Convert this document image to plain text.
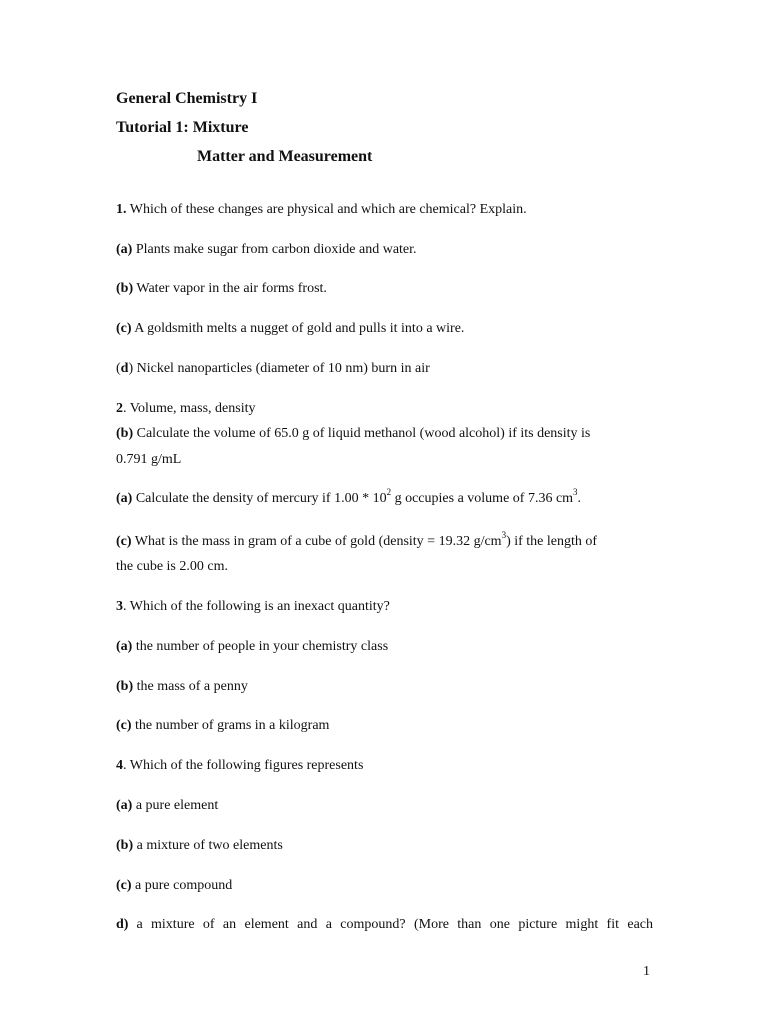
General Chemistry I
Tutorial 1: Mixture
Matter and Measurement
1. Which of these changes are physical and which are chemical? Explain.
(a) Plants make sugar from carbon dioxide and water.
(b) Water vapor in the air forms frost.
(c) A goldsmith melts a nugget of gold and pulls it into a wire.
(d) Nickel nanoparticles (diameter of 10 nm) burn in air
2. Volume, mass, density
(b) Calculate the volume of 65.0 g of liquid methanol (wood alcohol) if its density is
0.791 g/mL
(a) Calculate the density of mercury if $1.00 * 10^2$ g occupies a volume of 7.36 $cm^3$.
(c) What is the mass in gram of a cube of gold (density = 19.32 $g/cm^3$) if the length of
the cube is 2.00 cm.
3. Which of the following is an inexact quantity?
(a) the number of people in your chemistry class
(b) the mass of a penny
(c) the number of grams in a kilogram
4. Which of the following figures represents
(a) a pure element
(b) a mixture of two elements
(c) a pure compound
d) a mixture of an element and a compound? (More than one picture might fit each
1
